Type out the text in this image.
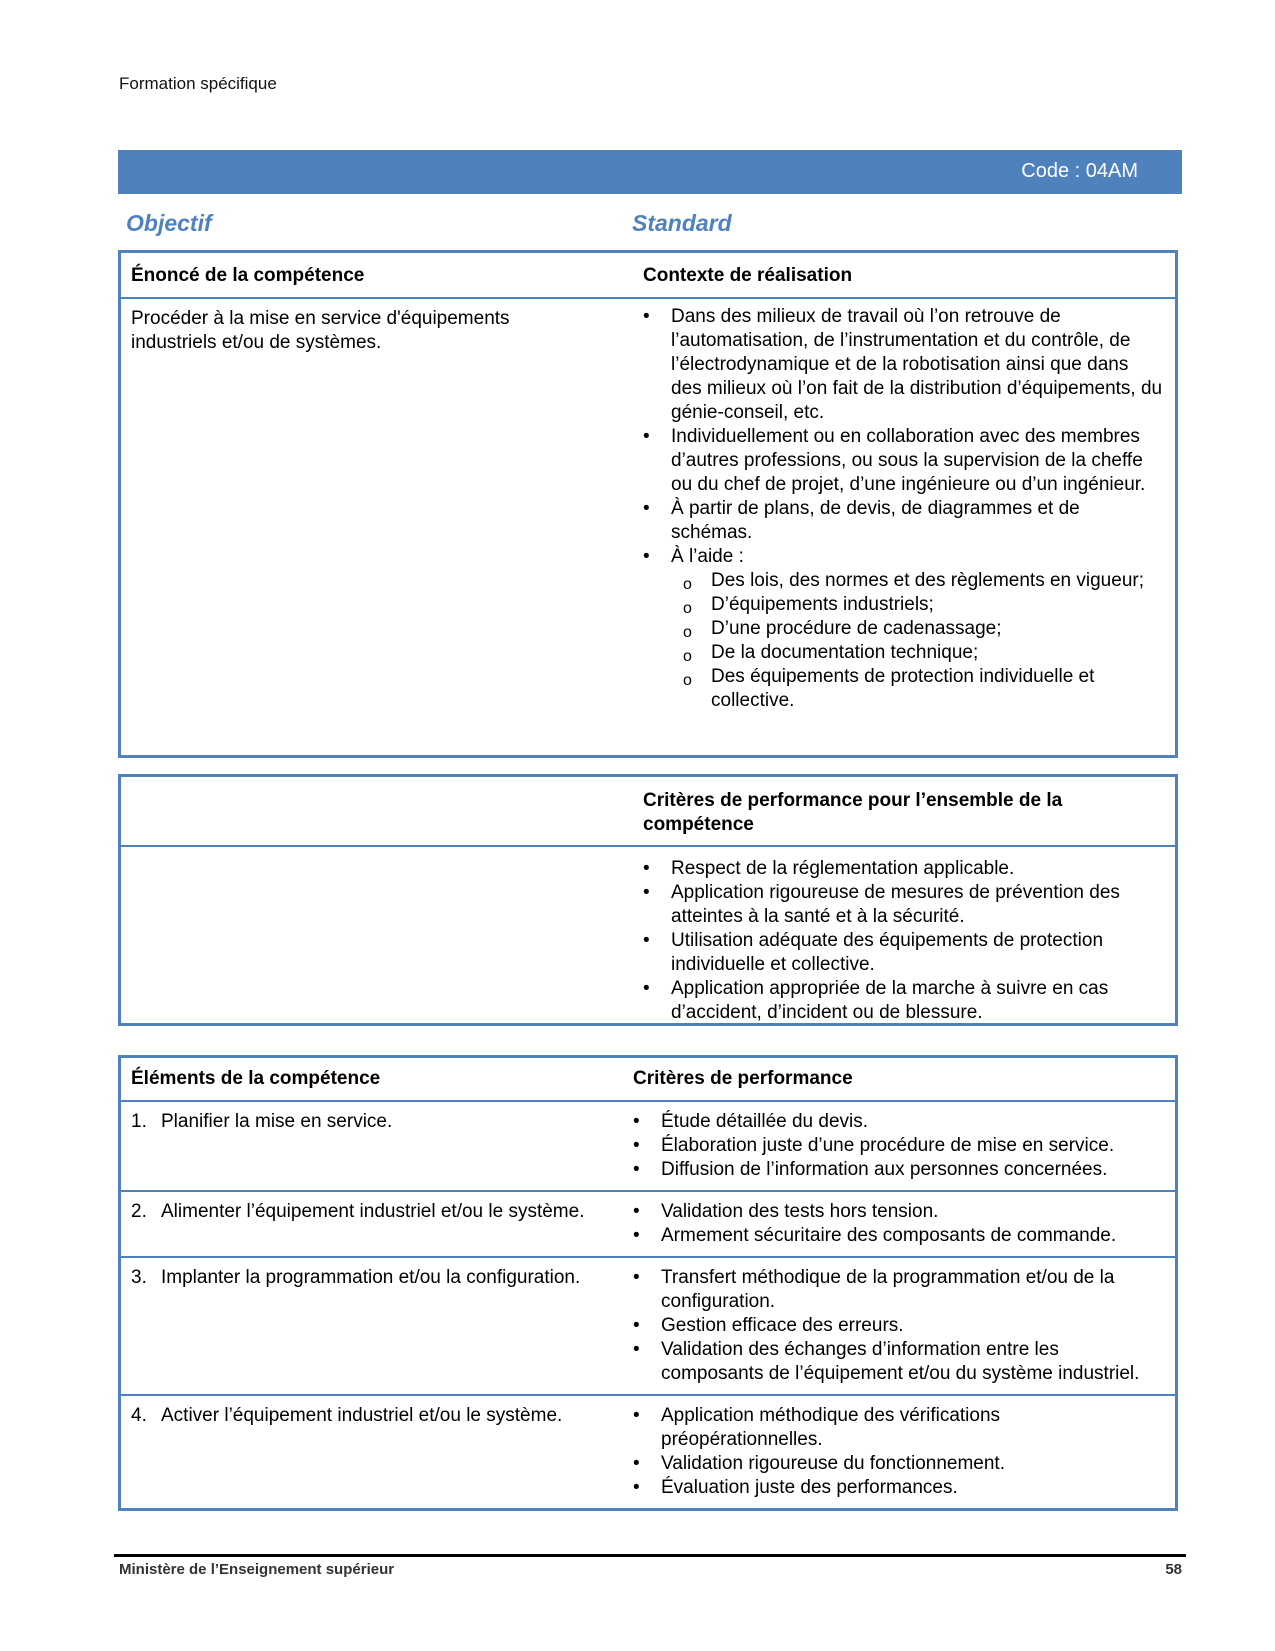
Formation spécifique
Code : 04AM
Objectif	Standard
Énoncé de la compétence	Contexte de réalisation
Procéder à la mise en service d'équipements
industriels et/ou de systèmes.
• Dans des milieux de travail où l’on retrouve de l’automatisation, de l’instrumentation et du contrôle, de l’électrodynamique et de la robotisation ainsi que dans des milieux où l’on fait de la distribution d’équipements, du génie-conseil, etc.
• Individuellement ou en collaboration avec des membres d’autres professions, ou sous la supervision de la cheffe ou du chef de projet, d’une ingénieure ou d’un ingénieur.
• À partir de plans, de devis, de diagrammes et de schémas.
• À l’aide :
o Des lois, des normes et des règlements en vigueur;
o D’équipements industriels;
o D’une procédure de cadenassage;
o De la documentation technique;
o Des équipements de protection individuelle et collective.
Critères de performance pour l’ensemble de la compétence
• Respect de la réglementation applicable.
• Application rigoureuse de mesures de prévention des atteintes à la santé et à la sécurité.
• Utilisation adéquate des équipements de protection individuelle et collective.
• Application appropriée de la marche à suivre en cas d’accident, d’incident ou de blessure.
Éléments de la compétence	Critères de performance
1. Planifier la mise en service.	• Étude détaillée du devis.
• Élaboration juste d’une procédure de mise en service.
• Diffusion de l’information aux personnes concernées.
2. Alimenter l’équipement industriel et/ou le système.	• Validation des tests hors tension.
• Armement sécuritaire des composants de commande.
3. Implanter la programmation et/ou la configuration.	• Transfert méthodique de la programmation et/ou de la configuration.
• Gestion efficace des erreurs.
• Validation des échanges d’information entre les composants de l’équipement et/ou du système industriel.
4. Activer l’équipement industriel et/ou le système.	• Application méthodique des vérifications préopérationnelles.
• Validation rigoureuse du fonctionnement.
• Évaluation juste des performances.
Ministère de l’Enseignement supérieur	58
